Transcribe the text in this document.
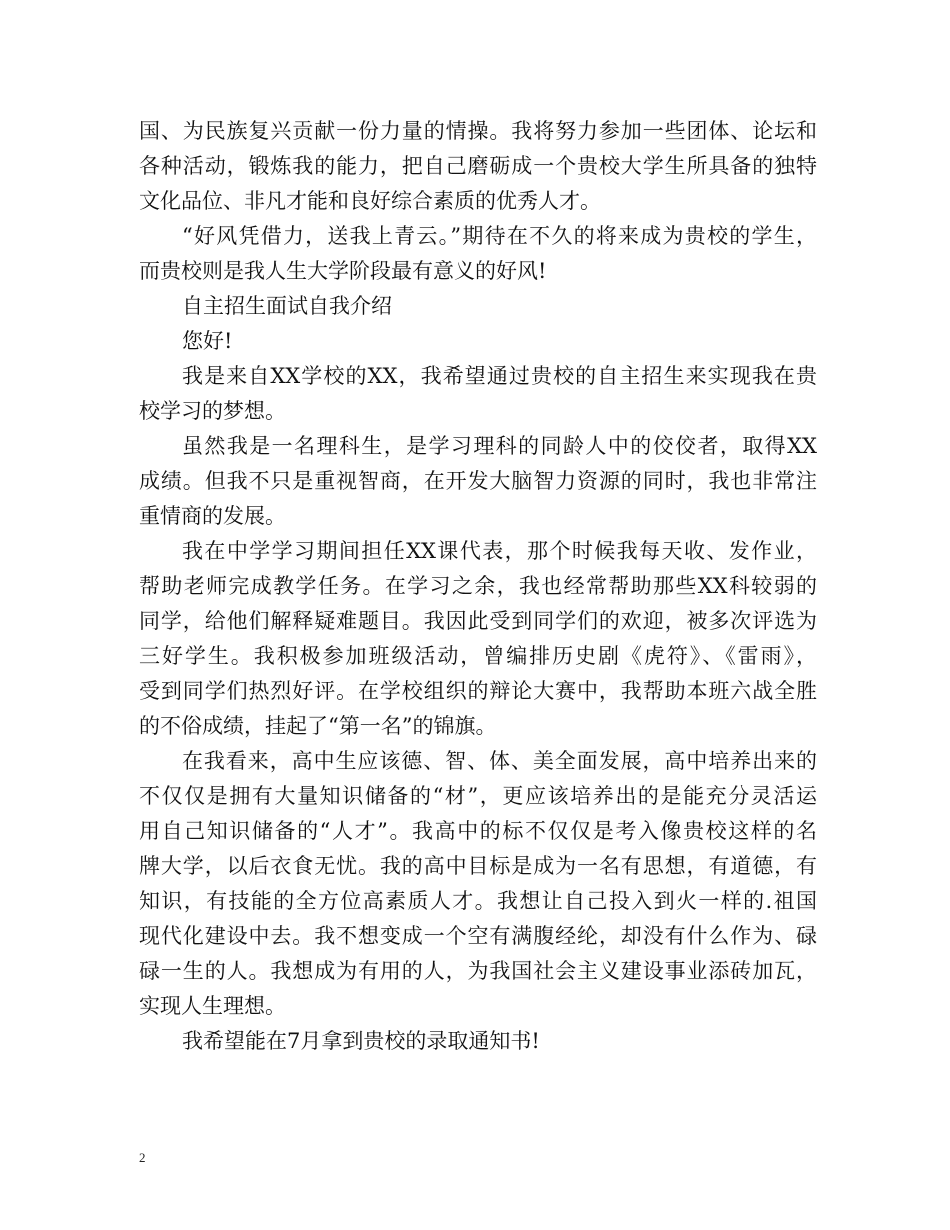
国、为民族复兴贡献一份力量的情操。我将努力参加一些团体、论坛和

各种活动，锻炼我的能力，把自己磨砺成一个贵校大学生所具备的独特

文化品位、非凡才能和良好综合素质的优秀人才。

“好风凭借力，送我上青云。”期待在不久的将来成为贵校的学生，

而贵校则是我人生大学阶段最有意义的好风!

自主招生面试自我介绍

您好!

我是来自XX学校的XX，我希望通过贵校的自主招生来实现我在贵

校学习的梦想。

虽然我是一名理科生，是学习理科的同龄人中的佼佼者，取得XX

成绩。但我不只是重视智商，在开发大脑智力资源的同时，我也非常注

重情商的发展。

我在中学学习期间担任XX课代表，那个时候我每天收、发作业，

帮助老师完成教学任务。在学习之余，我也经常帮助那些XX科较弱的

同学，给他们解释疑难题目。我因此受到同学们的欢迎，被多次评选为

三好学生。我积极参加班级活动，曾编排历史剧《虎符》、《雷雨》，

受到同学们热烈好评。在学校组织的辩论大赛中，我帮助本班六战全胜

的不俗成绩，挂起了“第一名”的锦旗。

在我看来，高中生应该德、智、体、美全面发展，高中培养出来的

不仅仅是拥有大量知识储备的“材”，更应该培养出的是能充分灵活运

用自己知识储备的“人才”。我高中的标不仅仅是考入像贵校这样的名

牌大学，以后衣食无忧。我的高中目标是成为一名有思想，有道德，有

知识，有技能的全方位高素质人才。我想让自己投入到火一样的.祖国

现代化建设中去。我不想变成一个空有满腹经纶，却没有什么作为、碌

碌一生的人。我想成为有用的人，为我国社会主义建设事业添砖加瓦，

实现人生理想。

我希望能在7月拿到贵校的录取通知书!

2
